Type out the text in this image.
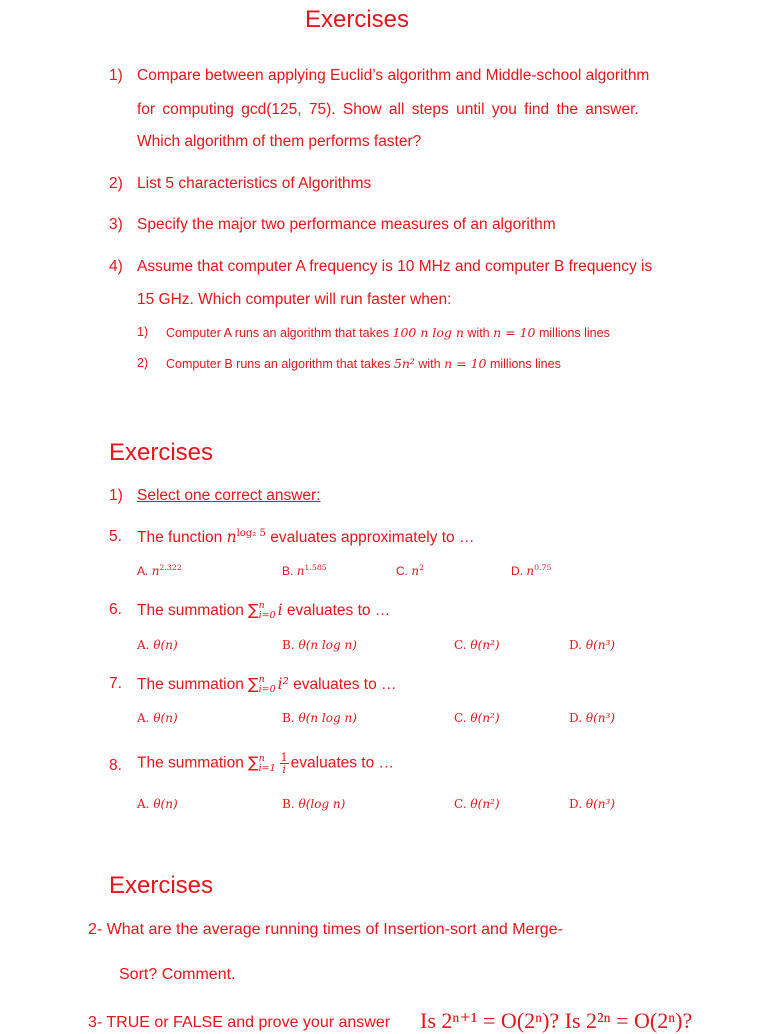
Exercises
1) Compare between applying Euclid’s algorithm and Middle-school algorithm
for computing gcd(125, 75). Show all steps until you find the answer.
Which algorithm of them performs faster?
2) List 5 characteristics of Algorithms
3) Specify the major two performance measures of an algorithm
4) Assume that computer A frequency is 10 MHz and computer B frequency is
15 GHz. Which computer will run faster when:
1) Computer A runs an algorithm that takes 100 n log n with n = 10 millions lines
2) Computer B runs an algorithm that takes 5n² with n = 10 millions lines
Exercises
1) Select one correct answer:
5. The function $n^{log_2 5}$ evaluates approximately to …
A. $n^{2.322}$	B. $n^{1.585}$	C. $n^2$	D. $n^{0.75}$
6. The summation ∑ n
i=0 i evaluates to …
A. θ(n)	B. θ(n log n)	C. θ(n²)	D. θ(n³)
7. The summation ∑ n
i=0 i² evaluates to …
A. θ(n)	B. θ(n log n)	C. θ(n²)	D. θ(n³)
8. The summation ∑ n
$i=1 \frac{1}{i}$ evaluates to …
A. θ(n)	B. θ(log n)	C. θ(n²)	D. θ(n³)
Exercises
2- What are the average running times of Insertion-sort and Merge-
Sort? Comment.
3- TRUE or FALSE and prove your answer Is 2ⁿ⁺¹ = O(2ⁿ)? Is 2²ⁿ = O(2ⁿ)?
